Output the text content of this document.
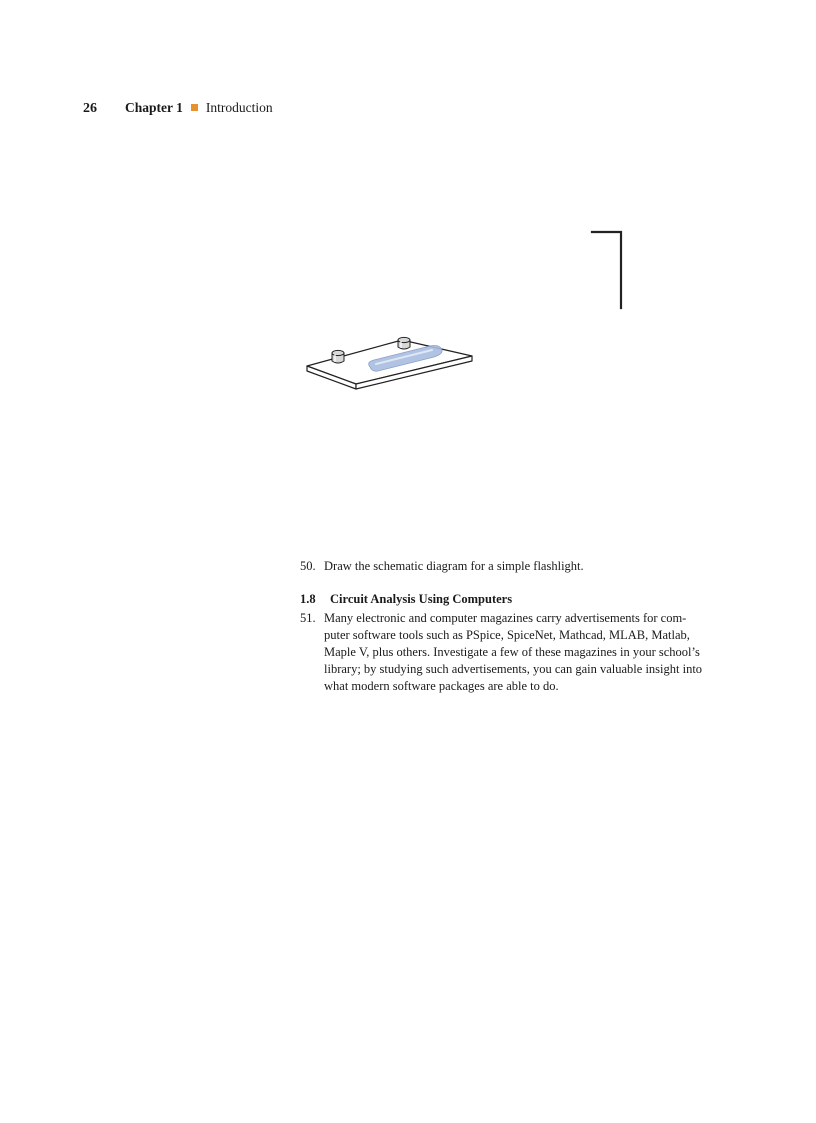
26	Chapter 1 Introduction
50. Draw the schematic diagram for a simple flashlight.
1.8	Circuit Analysis Using Computers
51. Many electronic and computer magazines carry advertisements for com-
puter software tools such as PSpice, SpiceNet, Mathcad, MLAB, Matlab,
Maple V, plus others. Investigate a few of these magazines in your school’s
library; by studying such advertisements, you can gain valuable insight into
what modern software packages are able to do.
